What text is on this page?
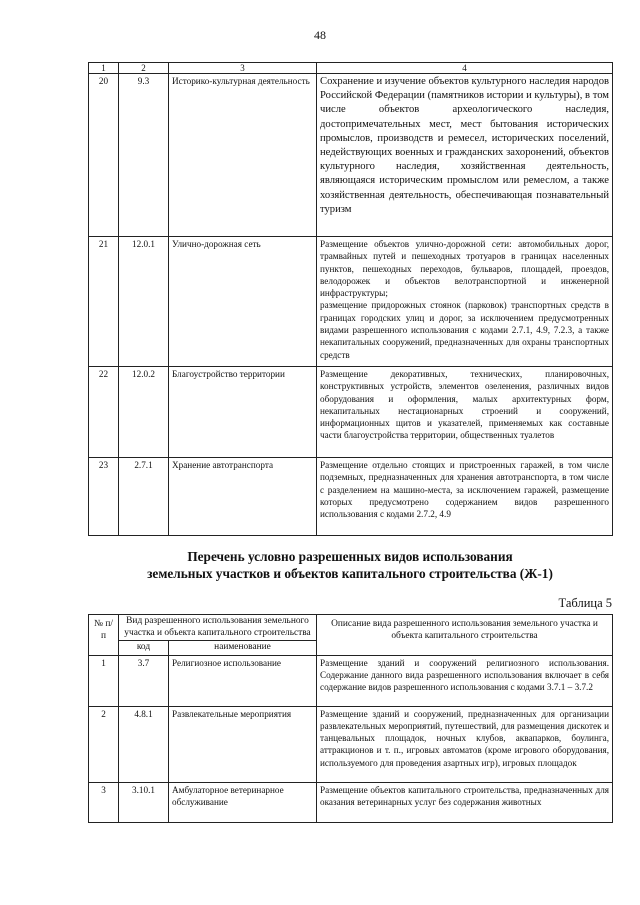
48
1	2	3	4
20	9.3	Историко-культурная деятельность	Сохранение и изучение объектов культурного наследия народов Российской Федерации (памятников истории и культуры), в том числе объектов археологического наследия, достопримечательных мест, мест бытования исторических промыслов, производств и ремесел, исторических поселений, недействующих военных и гражданских захоронений, объектов культурного наследия, хозяйственная деятельность, являющаяся историческим промыслом или ремеслом, а также хозяйственная деятельность, обеспечивающая познавательный туризм
21	12.0.1	Улично-дорожная сеть	Размещение объектов улично-дорожной сети: автомобильных дорог, трамвайных путей и пешеходных тротуаров в границах населенных пунктов, пешеходных переходов, бульваров, площадей, проездов, велодорожек и объектов велотранспортной и инженерной инфраструктуры;
размещение придорожных стоянок (парковок) транспортных средств в границах городских улиц и дорог, за исключением предусмотренных видами разрешенного использования с кодами 2.7.1, 4.9, 7.2.3, а также некапитальных сооружений, предназначенных для охраны транспортных средств

22	12.0.2	Благоустройство территории	Размещение декоративных, технических, планировочных, конструктивных устройств, элементов озеленения, различных видов оборудования и оформления, малых архитектурных форм, некапитальных нестационарных строений и сооружений, информационных щитов и указателей, применяемых как составные части благоустройства территории, общественных туалетов
23	2.7.1	Хранение автотранспорта	Размещение отдельно стоящих и пристроенных гаражей, в том числе подземных, предназначенных для хранения автотранспорта, в том числе с разделением на машино-места, за исключением гаражей, размещение которых предусмотрено содержанием видов разрешенного использования с кодами 2.7.2, 4.9
Перечень условно разрешенных видов использования
земельных участков и объектов капитального строительства (Ж-1)
Таблица 5
№ п/п	Вид разрешенного использования земельного участка и объекта капитального строительства		Описание вида разрешенного использования земельного участка и объекта капитального строительства
	код	наименование	
1	3.7	Религиозное использование	Размещение зданий и сооружений религиозного использования. Содержание данного вида разрешенного использования включает в себя содержание видов разрешенного использования с кодами 3.7.1 – 3.7.2
2	4.8.1	Развлекательные мероприятия	Размещение зданий и сооружений, предназначенных для организации развлекательных мероприятий, путешествий, для размещения дискотек и танцевальных площадок, ночных клубов, аквапарков, боулинга, аттракционов и т. п., игровых автоматов (кроме игрового оборудования, используемого для проведения азартных игр), игровых площадок
3	3.10.1	Амбулаторное ветеринарное обслуживание	Размещение объектов капитального строительства, предназначенных для оказания ветеринарных услуг без содержания животных
